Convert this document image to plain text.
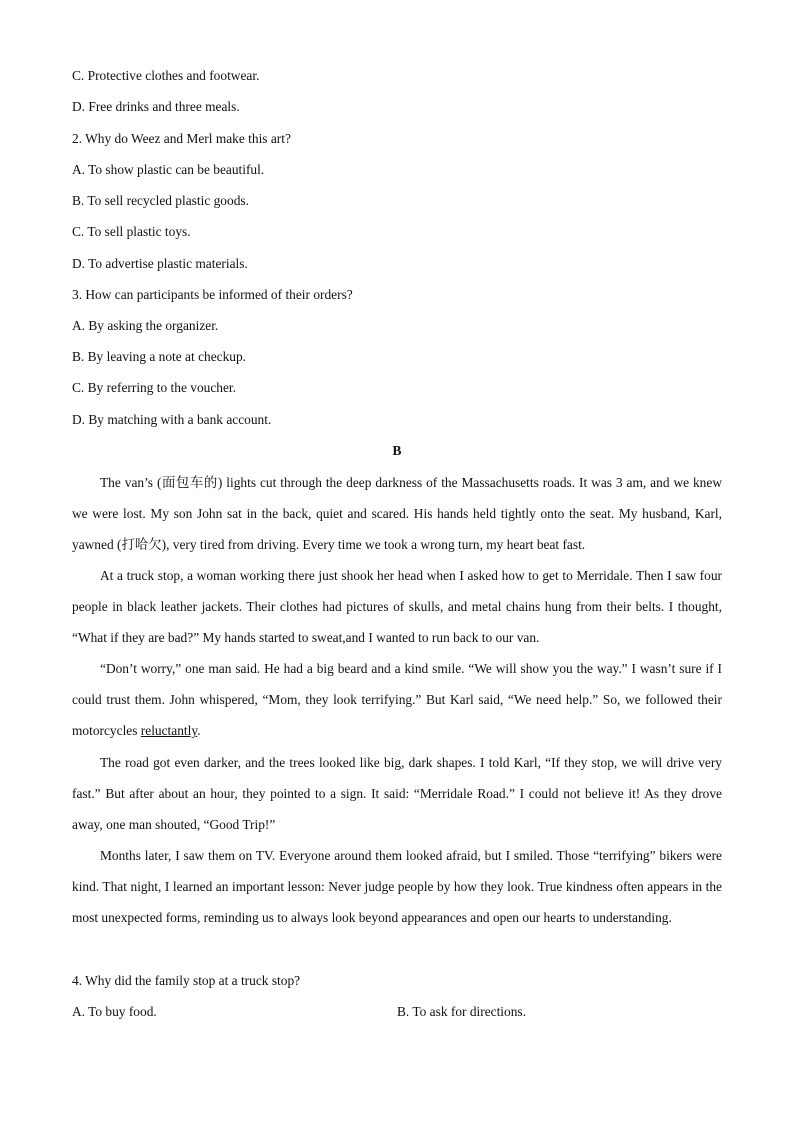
C. Protective clothes and footwear.
D. Free drinks and three meals.
2. Why do Weez and Merl make this art?
A. To show plastic can be beautiful.
B. To sell recycled plastic goods.
C. To sell plastic toys.
D. To advertise plastic materials.
3. How can participants be informed of their orders?
A. By asking the organizer.
B. By leaving a note at checkup.
C. By referring to the voucher.
D. By matching with a bank account.
B
The van’s (面包车的) lights cut through the deep darkness of the Massachusetts roads. It was 3 am, and we knew we were lost. My son John sat in the back, quiet and scared. His hands held tightly onto the seat. My husband, Karl, yawned (打哈欠), very tired from driving. Every time we took a wrong turn, my heart beat fast.
At a truck stop, a woman working there just shook her head when I asked how to get to Merridale. Then I saw four people in black leather jackets. Their clothes had pictures of skulls, and metal chains hung from their belts. I thought, “What if they are bad?” My hands started to sweat,and I wanted to run back to our van.
“Don’t worry,” one man said. He had a big beard and a kind smile. “We will show you the way.” I wasn’t sure if I could trust them. John whispered, “Mom, they look terrifying.” But Karl said, “We need help.” So, we followed their motorcycles reluctantly.
The road got even darker, and the trees looked like big, dark shapes. I told Karl, “If they stop, we will drive very fast.” But after about an hour, they pointed to a sign. It said: “Merridale Road.” I could not believe it! As they drove away, one man shouted, “Good Trip!”
Months later, I saw them on TV. Everyone around them looked afraid, but I smiled. Those “terrifying” bikers were kind. That night, I learned an important lesson: Never judge people by how they look. True kindness often appears in the most unexpected forms, reminding us to always look beyond appearances and open our hearts to understanding.
4. Why did the family stop at a truck stop?
A. To buy food.	B. To ask for directions.
